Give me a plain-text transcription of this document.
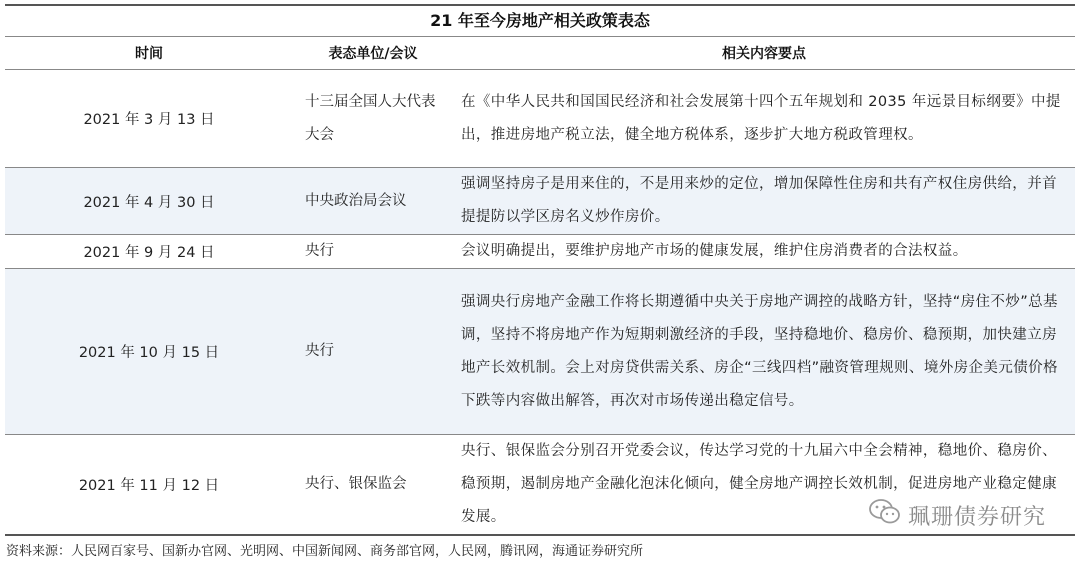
21 年至今房地产相关政策表态
时间	表态单位/会议	相关内容要点
2021 年 3 月 13 日	十三届全国人大代表大会	在《中华人民共和国国民经济和社会发展第十四个五年规划和 2035 年远景目标纲要》中提出，推进房地产税立法，健全地方税体系，逐步扩大地方税政管理权。
2021 年 4 月 30 日	中央政治局会议	强调坚持房子是用来住的，不是用来炒的定位，增加保障性住房和共有产权住房供给，并首提提防以学区房名义炒作房价。
2021 年 9 月 24 日	央行	会议明确提出，要维护房地产市场的健康发展，维护住房消费者的合法权益。
2021 年 10 月 15 日	央行	强调央行房地产金融工作将长期遵循中央关于房地产调控的战略方针，坚持“房住不炒”总基调，坚持不将房地产作为短期刺激经济的手段，坚持稳地价、稳房价、稳预期，加快建立房地产长效机制。会上对房贷供需关系、房企“三线四档”融资管理规则、境外房企美元债价格下跌等内容做出解答，再次对市场传递出稳定信号。
2021 年 11 月 12 日	央行、银保监会	央行、银保监会分别召开党委会议，传达学习党的十九届六中全会精神，稳地价、稳房价、稳预期，遏制房地产金融化泡沫化倾向，健全房地产调控长效机制，促进房地产业稳定健康发展。	珮珊债券研究
资料来源：人民网百家号、国新办官网、光明网、中国新闻网、商务部官网，人民网，腾讯网，海通证券研究所
